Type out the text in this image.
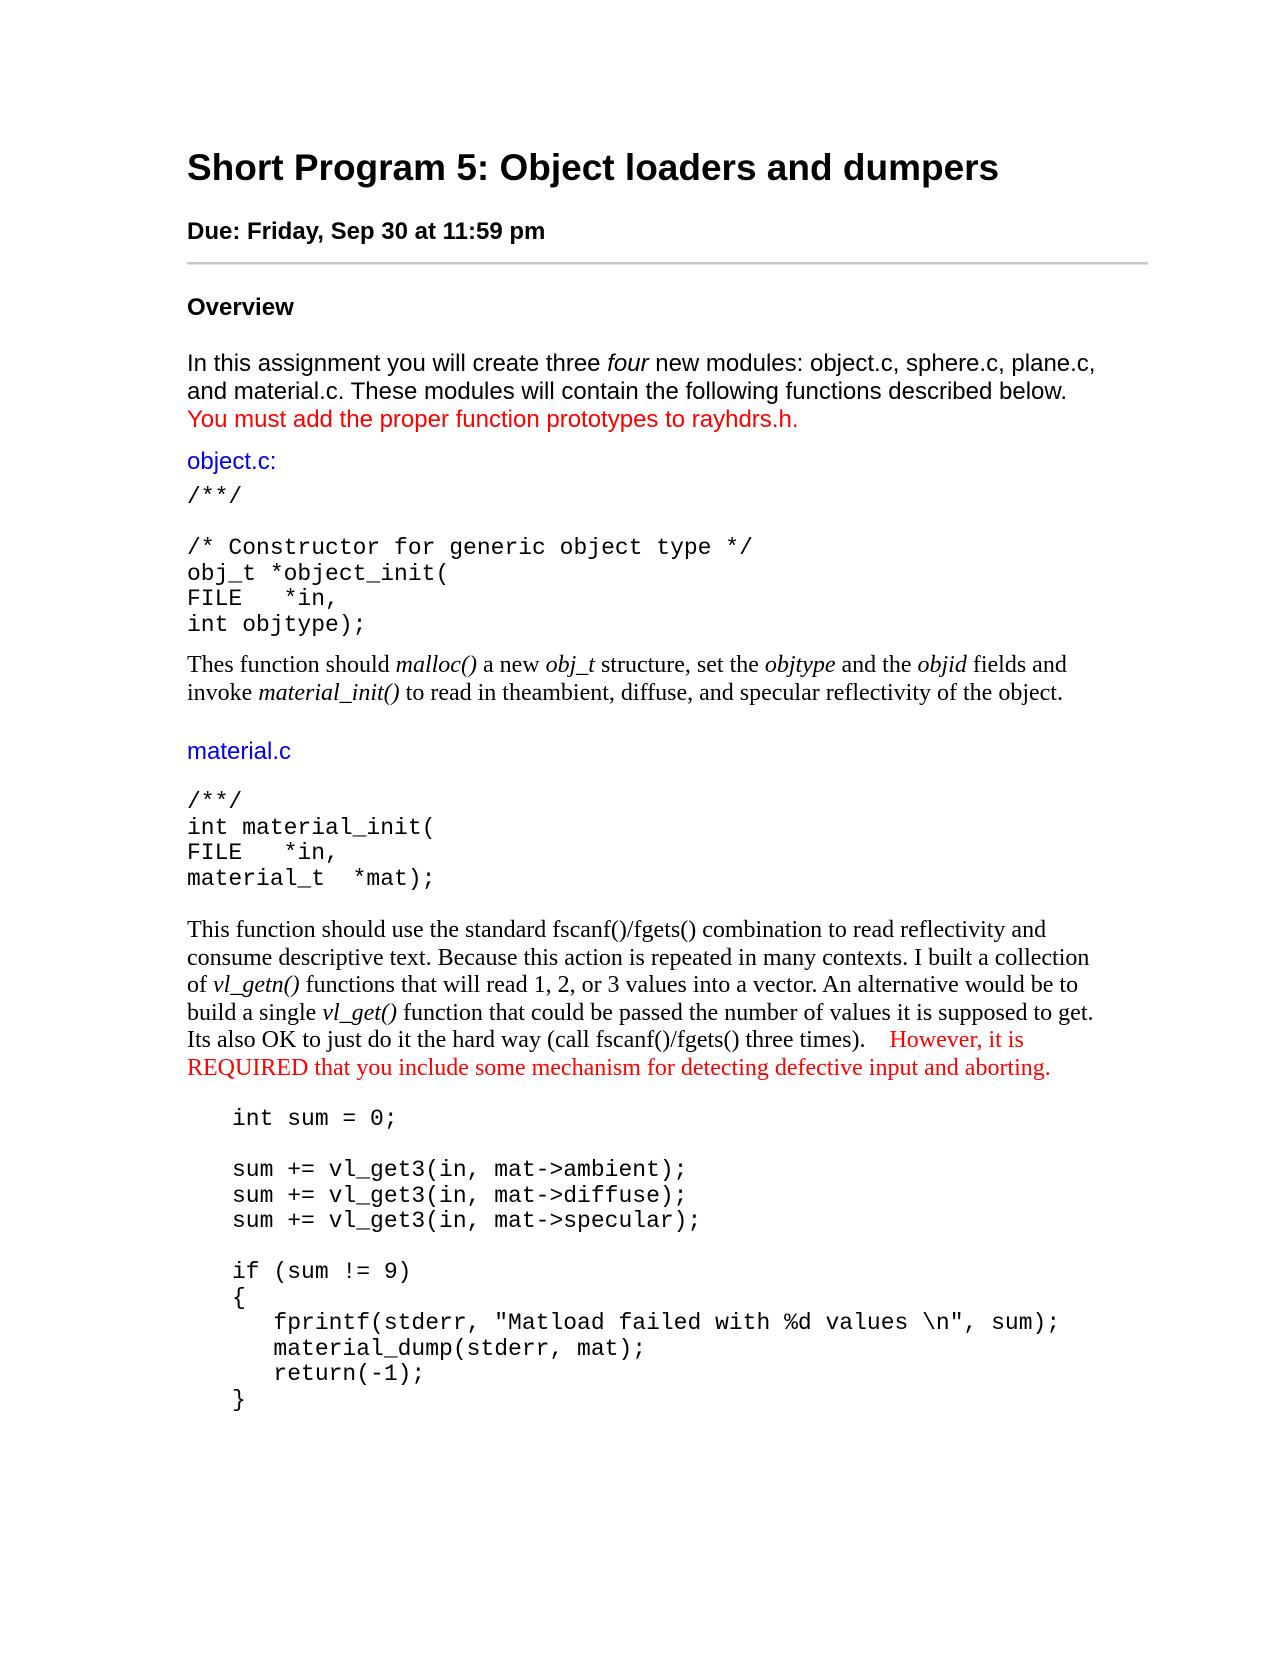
Short Program 5: Object loaders and dumpers
Due: Friday, Sep 30 at 11:59 pm
Overview
In this assignment you will create three four new modules: object.c, sphere.c, plane.c,
and material.c. These modules will contain the following functions described below.
You must add the proper function prototypes to rayhdrs.h.
object.c:
/**/
/* Constructor for generic object type */
obj_t *object_init(
FILE   *in,
int objtype);
Thes function should malloc() a new obj_t structure, set the objtype and the objid fields and
invoke material_init() to read in theambient, diffuse, and specular reflectivity of the object.
material.c
/**/
int material_init(
FILE   *in,
material_t  *mat);
This function should use the standard fscanf()/fgets() combination to read reflectivity and
consume descriptive text. Because this action is repeated in many contexts. I built a collection
of vl_getn() functions that will read 1, 2, or 3 values into a vector. An alternative would be to
build a single vl_get() function that could be passed the number of values it is supposed to get.
Its also OK to just do it the hard way (call fscanf()/fgets() three times).    However, it is
REQUIRED that you include some mechanism for detecting defective input and aborting.
int sum = 0;
sum += vl_get3(in, mat->ambient);
sum += vl_get3(in, mat->diffuse);
sum += vl_get3(in, mat->specular);
if (sum != 9)
{
fprintf(stderr, "Matload failed with %d values \n", sum);
material_dump(stderr, mat);
return(-1);
}
